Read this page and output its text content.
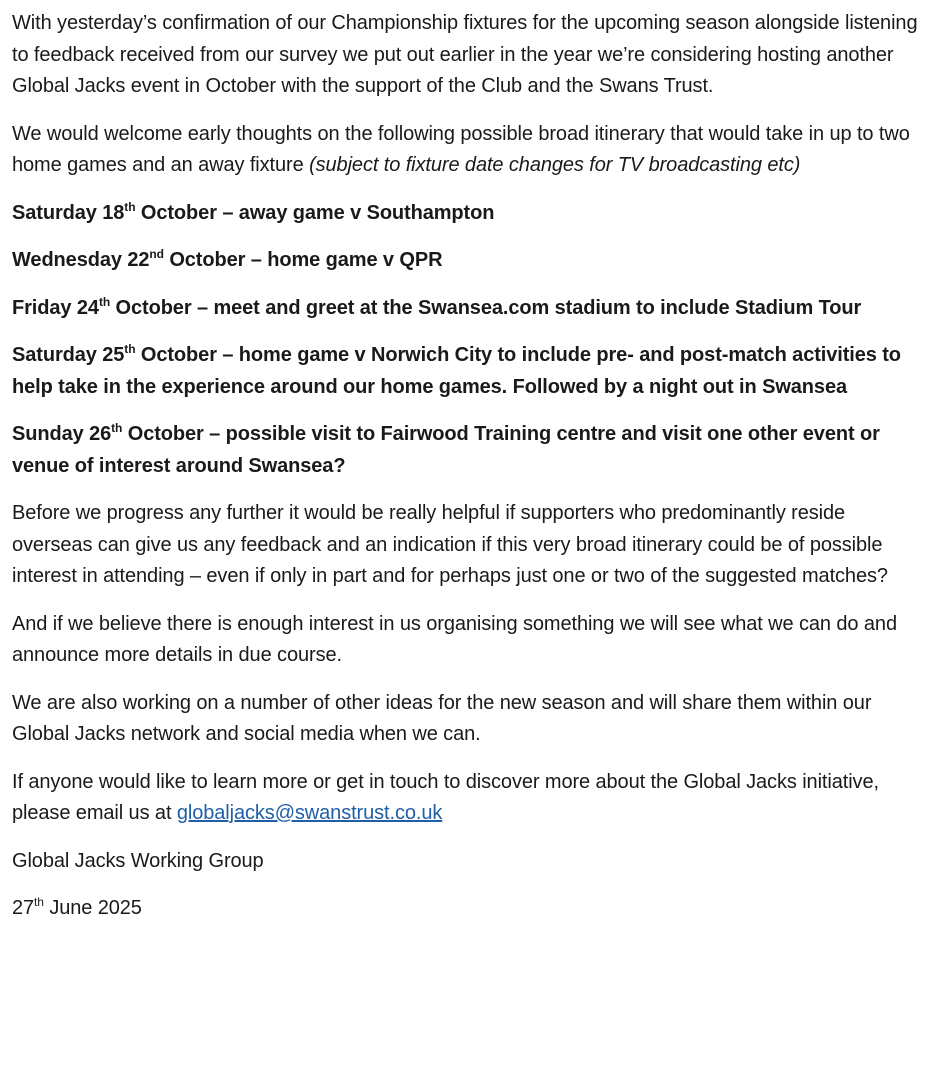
With yesterday’s confirmation of our Championship fixtures for the upcoming season alongside listening to feedback received from our survey we put out earlier in the year we’re considering hosting another Global Jacks event in October with the support of the Club and the Swans Trust.

We would welcome early thoughts on the following possible broad itinerary that would take in up to two home games and an away fixture (subject to fixture date changes for TV broadcasting etc)

Saturday 18th October – away game v Southampton

Wednesday 22nd October – home game v QPR

Friday 24th October – meet and greet at the Swansea.com stadium to include Stadium Tour

Saturday 25th October – home game v Norwich City to include pre- and post-match activities to help take in the experience around our home games. Followed by a night out in Swansea

Sunday 26th October – possible visit to Fairwood Training centre and visit one other event or venue of interest around Swansea?

Before we progress any further it would be really helpful if supporters who predominantly reside overseas can give us any feedback and an indication if this very broad itinerary could be of possible interest in attending – even if only in part and for perhaps just one or two of the suggested matches?

And if we believe there is enough interest in us organising something we will see what we can do and announce more details in due course.

We are also working on a number of other ideas for the new season and will share them within our Global Jacks network and social media when we can.

If anyone would like to learn more or get in touch to discover more about the Global Jacks initiative, please email us at globaljacks@swanstrust.co.uk

Global Jacks Working Group

27th June 2025
